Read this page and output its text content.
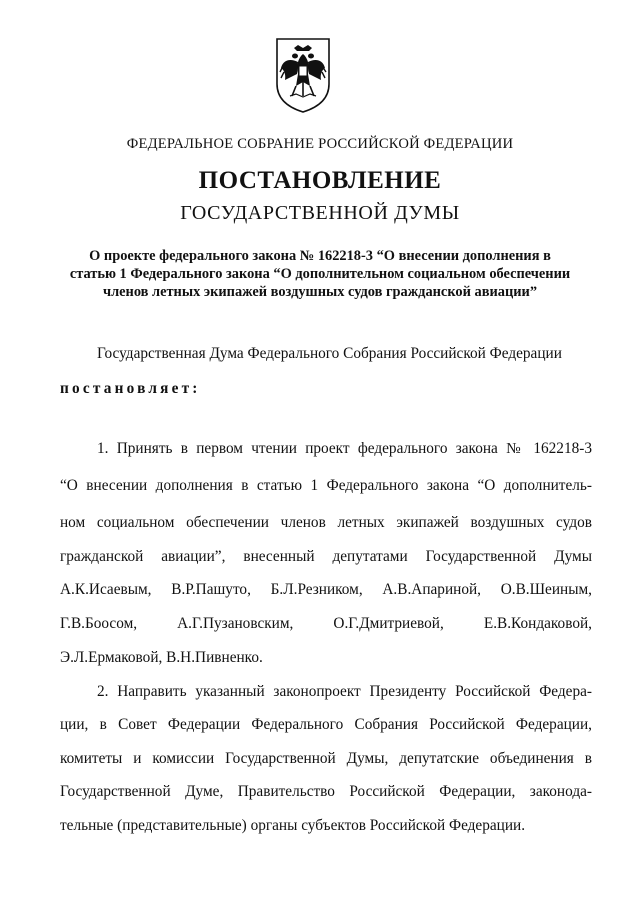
ФЕДЕРАЛЬНОЕ СОБРАНИЕ РОССИЙСКОЙ ФЕДЕРАЦИИ
ПОСТАНОВЛЕНИЕ
ГОСУДАРСТВЕННОЙ ДУМЫ
О проекте федерального закона № 162218-3 “О внесении дополнения в
статью 1 Федерального закона “О дополнительном социальном обеспечении
членов летных экипажей воздушных судов гражданской авиации”
Государственная Дума Федерального Собрания Российской Федерации
постановляет:
1. Принять в первом чтении проект федерального закона № 162218-3
“О внесении дополнения в статью 1 Федерального закона “О дополнитель-
ном социальном обеспечении членов летных экипажей воздушных судов
гражданской авиации”, внесенный депутатами Государственной Думы
А.К.Исаевым, В.Р.Пашуто, Б.Л.Резником, А.В.Апариной, О.В.Шеиным,
Г.В.Боосом, А.Г.Пузановским, О.Г.Дмитриевой, Е.В.Кондаковой,
Э.Л.Ермаковой, В.Н.Пивненко.
2. Направить указанный законопроект Президенту Российской Федера-
ции, в Совет Федерации Федерального Собрания Российской Федерации,
комитеты и комиссии Государственной Думы, депутатские объединения в
Государственной Думе, Правительство Российской Федерации, законода-
тельные (представительные) органы субъектов Российской Федерации.
